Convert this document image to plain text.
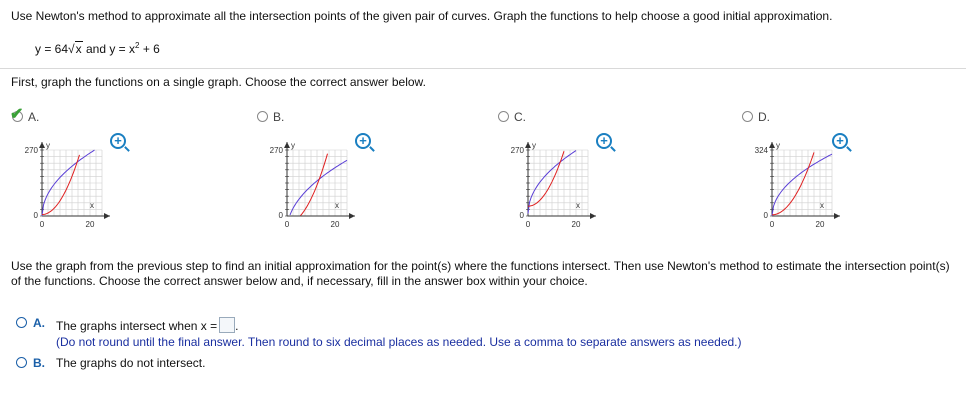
Use Newton's method to approximate all the intersection points of the given pair of curves. Graph the functions to help choose a good initial approximation.
y = 64√x and $y = x^2 + 6$
First, graph the functions on a single graph. Choose the correct answer below.
✔ A.
+
B.
+
C.
+
D.
+
270
0
y
x
0	20
270
0
y
x
0	20
270
0
y
x
0	20
324
0
y
x
0	20
Use the graph from the previous step to find an initial approximation for the point(s) where the functions intersect. Then use Newton's method to estimate the intersection point(s) of the functions. Choose the correct answer below and, if necessary, fill in the answer box within your choice.
A. The graphs intersect when x = .
(Do not round until the final answer. Then round to six decimal places as needed. Use a comma to separate answers as needed.)
B. The graphs do not intersect.
